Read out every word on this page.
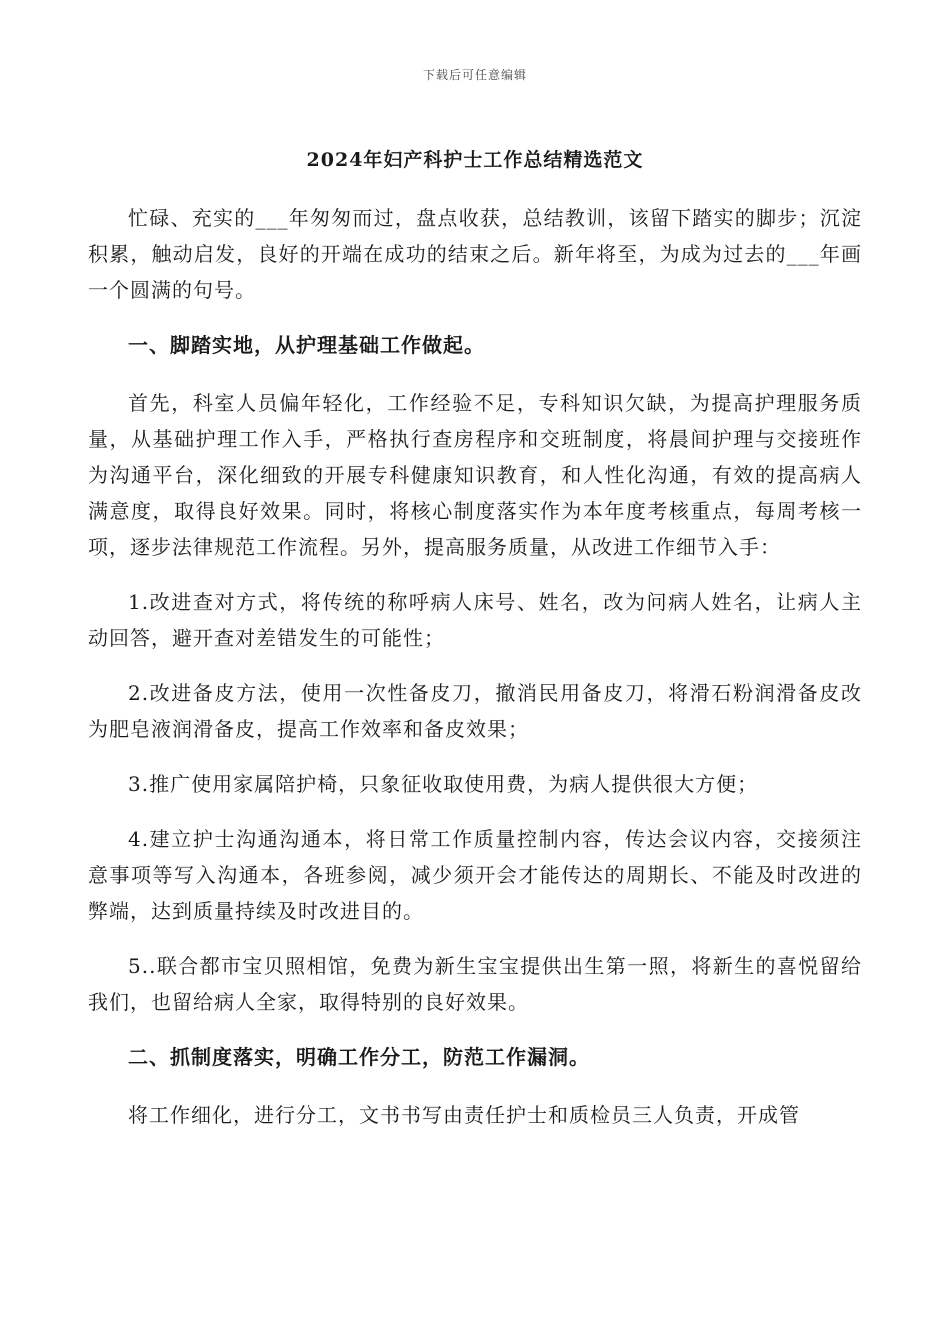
下载后可任意编辑
2024年妇产科护士工作总结精选范文

忙碌、充实的___年匆匆而过，盘点收获，总结教训，该留下踏实的脚步；沉淀积累，触动启发，良好的开端在成功的结束之后。新年将至，为成为过去的___年画一个圆满的句号。

一、脚踏实地，从护理基础工作做起。

首先，科室人员偏年轻化，工作经验不足，专科知识欠缺，为提高护理服务质量，从基础护理工作入手，严格执行查房程序和交班制度，将晨间护理与交接班作为沟通平台，深化细致的开展专科健康知识教育，和人性化沟通，有效的提高病人满意度，取得良好效果。同时，将核心制度落实作为本年度考核重点，每周考核一项，逐步法律规范工作流程。另外，提高服务质量，从改进工作细节入手：

1.改进查对方式，将传统的称呼病人床号、姓名，改为问病人姓名，让病人主动回答，避开查对差错发生的可能性；

2.改进备皮方法，使用一次性备皮刀，撤消民用备皮刀，将滑石粉润滑备皮改为肥皂液润滑备皮，提高工作效率和备皮效果；

3.推广使用家属陪护椅，只象征收取使用费，为病人提供很大方便；

4.建立护士沟通沟通本，将日常工作质量控制内容，传达会议内容，交接须注意事项等写入沟通本，各班参阅，减少须开会才能传达的周期长、不能及时改进的弊端，达到质量持续及时改进目的。

5..联合都市宝贝照相馆，免费为新生宝宝提供出生第一照，将新生的喜悦留给我们，也留给病人全家，取得特别的良好效果。

二、抓制度落实，明确工作分工，防范工作漏洞。

将工作细化，进行分工，文书书写由责任护士和质检员三人负责，开成管
